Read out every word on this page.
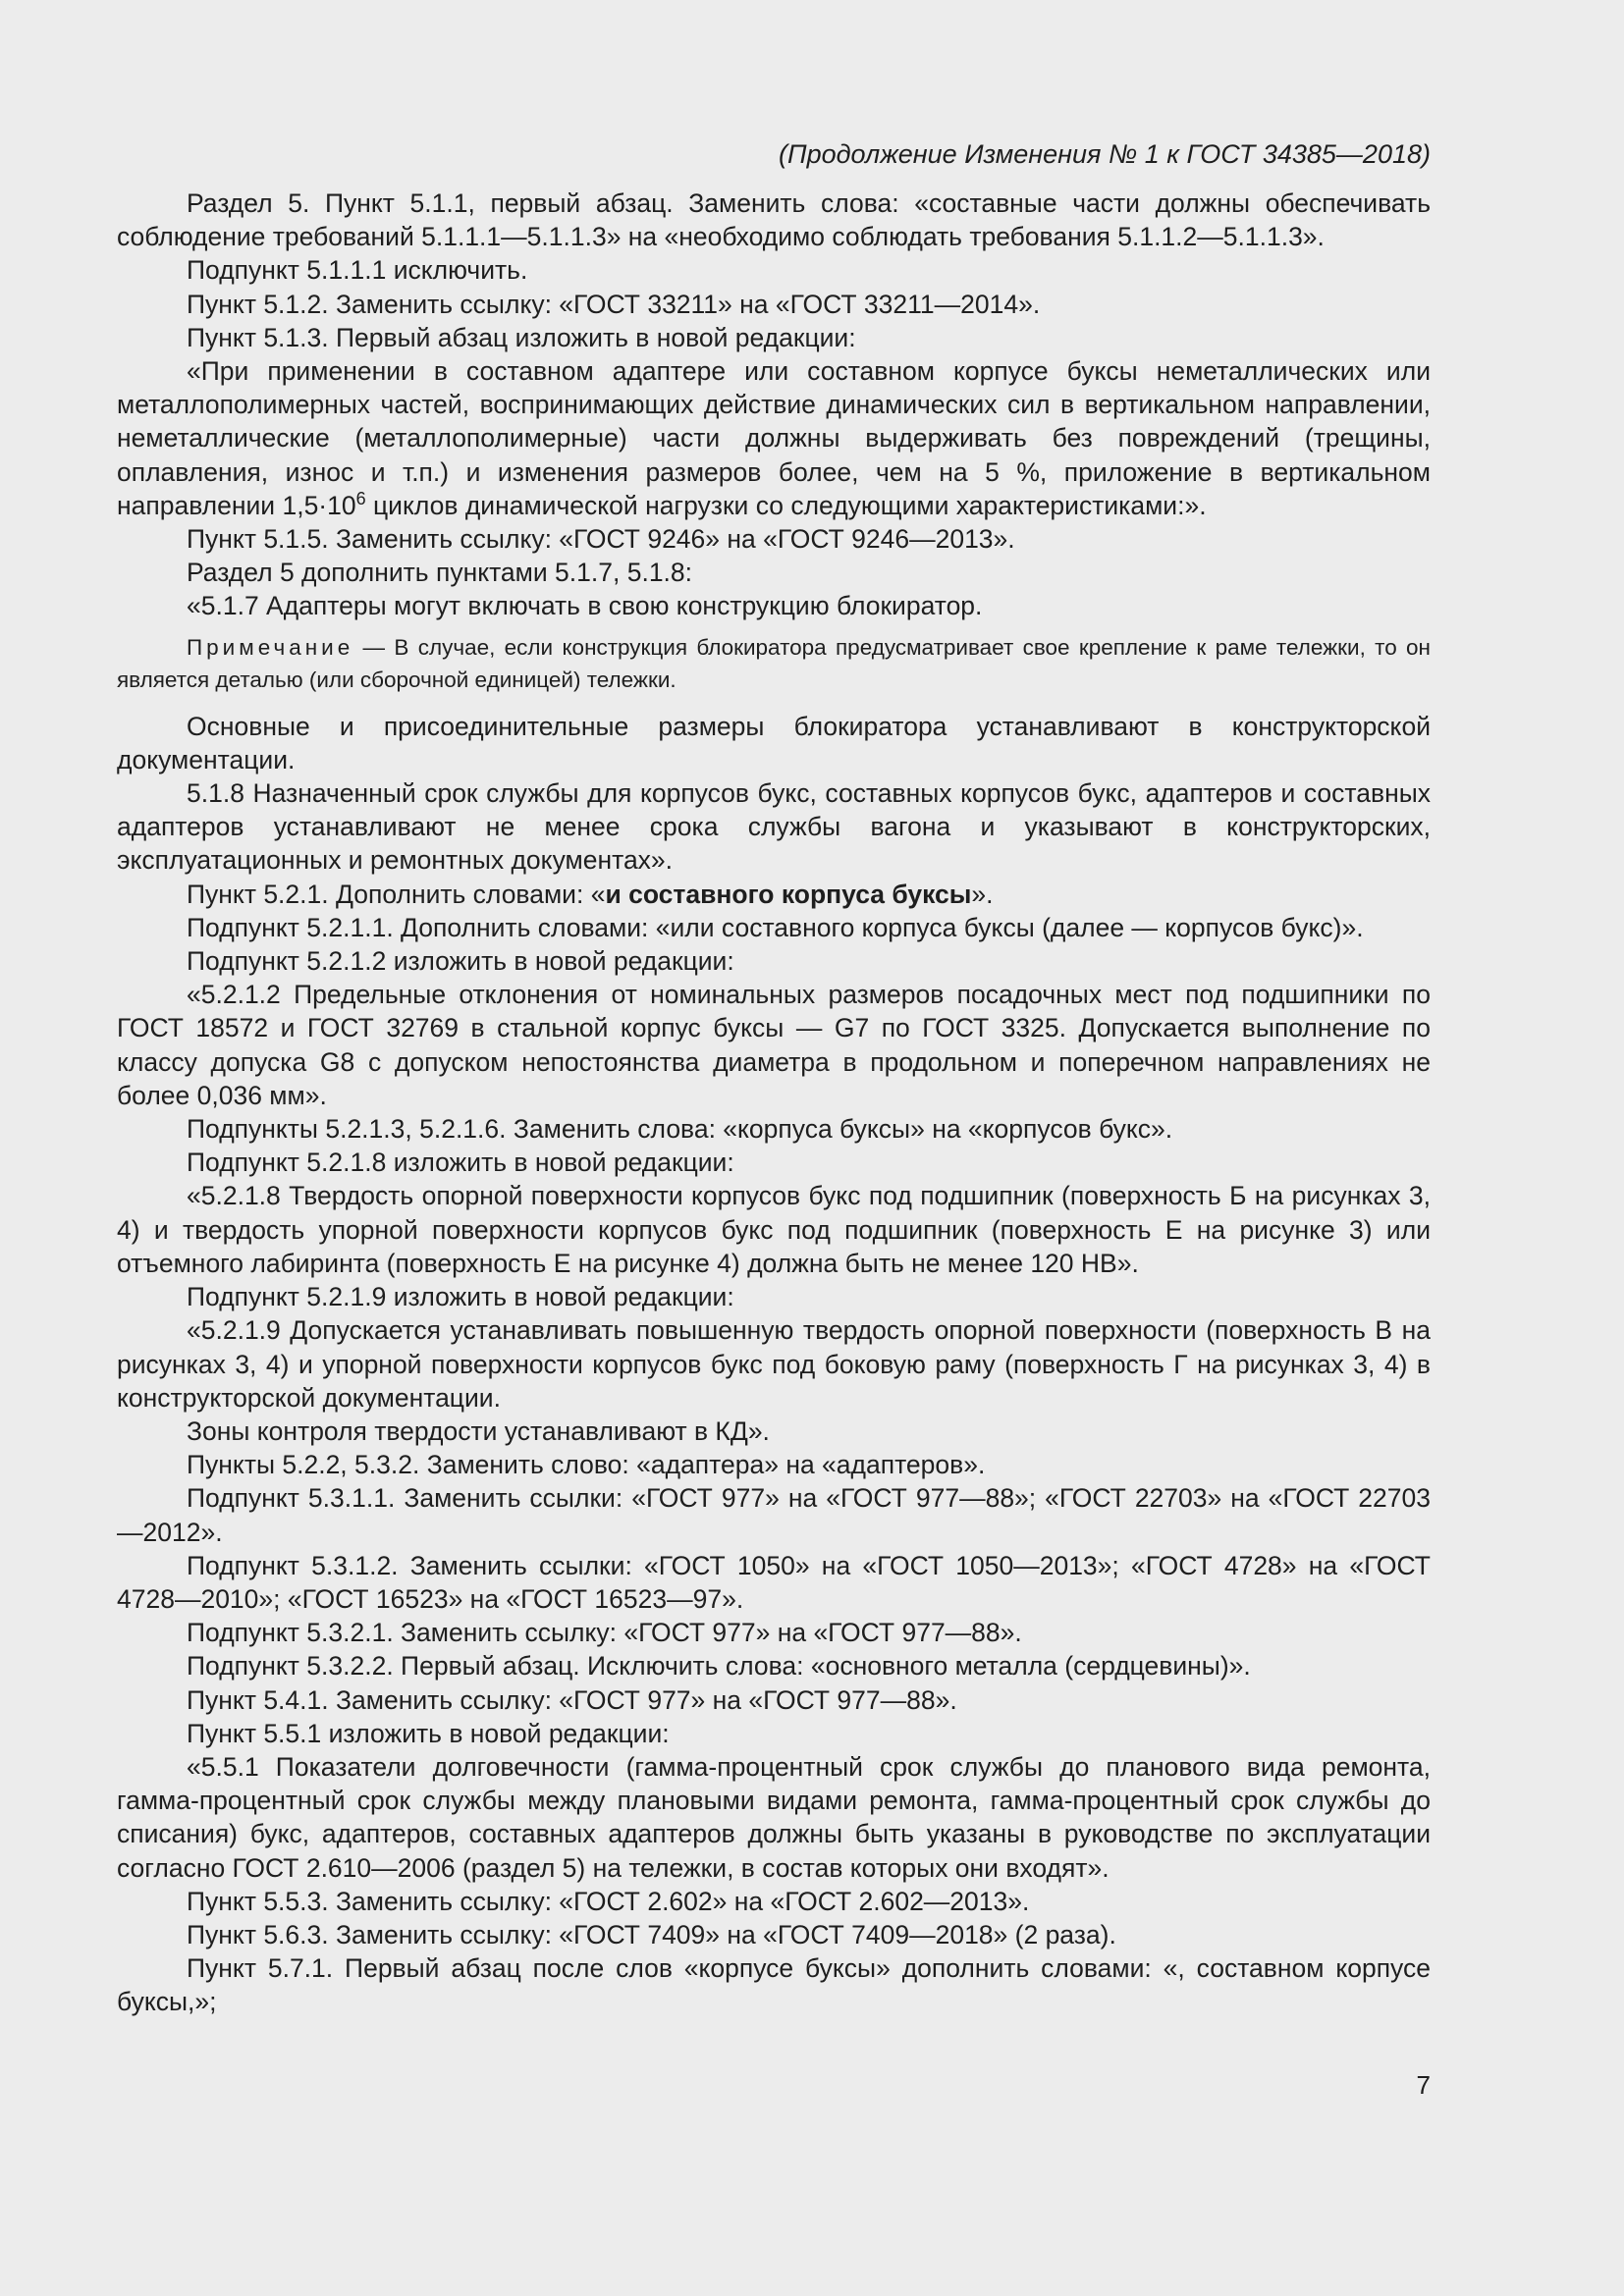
(Продолжение Изменения № 1 к ГОСТ 34385—2018)

Раздел 5. Пункт 5.1.1, первый абзац. Заменить слова: «составные части должны обеспечивать соблюдение требований 5.1.1.1—5.1.1.3» на «необходимо соблюдать требования 5.1.1.2—5.1.1.3».

Подпункт 5.1.1.1 исключить.

Пункт 5.1.2. Заменить ссылку: «ГОСТ 33211» на «ГОСТ 33211—2014».

Пункт 5.1.3. Первый абзац изложить в новой редакции:

«При применении в составном адаптере или составном корпусе буксы неметаллических или металлополимерных частей, воспринимающих действие динамических сил в вертикальном направлении, неметаллические (металлополимерные) части должны выдерживать без повреждений (трещины, оплавления, износ и т.п.) и изменения размеров более, чем на 5 %, приложение в вертикальном направлении $1,5\cdot 10^6$ циклов динамической нагрузки со следующими характеристиками:».

Пункт 5.1.5. Заменить ссылку: «ГОСТ 9246» на «ГОСТ 9246—2013».

Раздел 5 дополнить пунктами 5.1.7, 5.1.8:

«5.1.7 Адаптеры могут включать в свою конструкцию блокиратор.

Примечание — В случае, если конструкция блокиратора предусматривает свое крепление к раме тележки, то он является деталью (или сборочной единицей) тележки.

Основные и присоединительные размеры блокиратора устанавливают в конструкторской документации.

5.1.8 Назначенный срок службы для корпусов букс, составных корпусов букс, адаптеров и составных адаптеров устанавливают не менее срока службы вагона и указывают в конструкторских, эксплуатационных и ремонтных документах».

Пункт 5.2.1. Дополнить словами: «и составного корпуса буксы».

Подпункт 5.2.1.1. Дополнить словами: «или составного корпуса буксы (далее — корпусов букс)».

Подпункт 5.2.1.2 изложить в новой редакции:

«5.2.1.2 Предельные отклонения от номинальных размеров посадочных мест под подшипники по ГОСТ 18572 и ГОСТ 32769 в стальной корпус буксы — G7 по ГОСТ 3325. Допускается выполнение по классу допуска G8 с допуском непостоянства диаметра в продольном и поперечном направлениях не более 0,036 мм».

Подпункты 5.2.1.3, 5.2.1.6. Заменить слова: «корпуса буксы» на «корпусов букс».

Подпункт 5.2.1.8 изложить в новой редакции:

«5.2.1.8 Твердость опорной поверхности корпусов букс под подшипник (поверхность Б на рисунках 3, 4) и твердость упорной поверхности корпусов букс под подшипник (поверхность Е на рисунке 3) или отъемного лабиринта (поверхность Е на рисунке 4) должна быть не менее 120 НВ».

Подпункт 5.2.1.9 изложить в новой редакции:

«5.2.1.9 Допускается устанавливать повышенную твердость опорной поверхности (поверхность В на рисунках 3, 4) и упорной поверхности корпусов букс под боковую раму (поверхность Г на рисунках 3, 4) в конструкторской документации.

Зоны контроля твердости устанавливают в КД».

Пункты 5.2.2, 5.3.2. Заменить слово: «адаптера» на «адаптеров».

Подпункт 5.3.1.1. Заменить ссылки: «ГОСТ 977» на «ГОСТ 977—88»; «ГОСТ 22703» на «ГОСТ 22703—2012».

Подпункт 5.3.1.2. Заменить ссылки: «ГОСТ 1050» на «ГОСТ 1050—2013»; «ГОСТ 4728» на «ГОСТ 4728—2010»; «ГОСТ 16523» на «ГОСТ 16523—97».

Подпункт 5.3.2.1. Заменить ссылку: «ГОСТ 977» на «ГОСТ 977—88».

Подпункт 5.3.2.2. Первый абзац. Исключить слова: «основного металла (сердцевины)».

Пункт 5.4.1. Заменить ссылку: «ГОСТ 977» на «ГОСТ 977—88».

Пункт 5.5.1 изложить в новой редакции:

«5.5.1 Показатели долговечности (гамма-процентный срок службы до планового вида ремонта, гамма-процентный срок службы между плановыми видами ремонта, гамма-процентный срок службы до списания) букс, адаптеров, составных адаптеров должны быть указаны в руководстве по эксплуатации согласно ГОСТ 2.610—2006 (раздел 5) на тележки, в состав которых они входят».

Пункт 5.5.3. Заменить ссылку: «ГОСТ 2.602» на «ГОСТ 2.602—2013».

Пункт 5.6.3. Заменить ссылку: «ГОСТ 7409» на «ГОСТ 7409—2018» (2 раза).

Пункт 5.7.1. Первый абзац после слов «корпусе буксы» дополнить словами: «, составном корпусе буксы,»;

7
